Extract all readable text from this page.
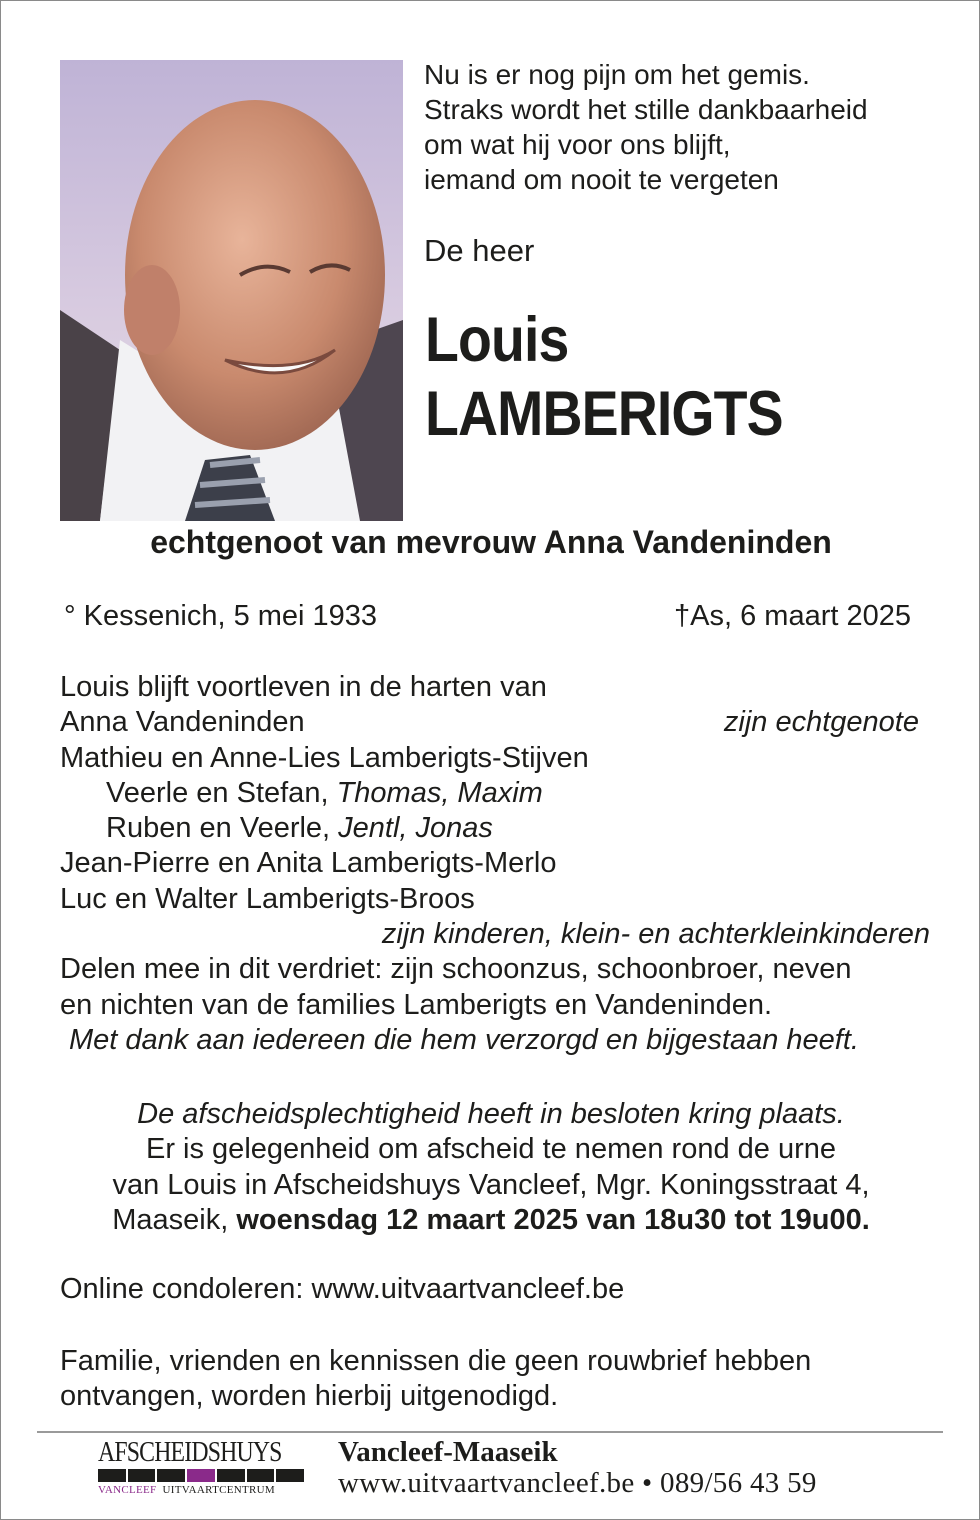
Nu is er nog pijn om het gemis.
Straks wordt het stille dankbaarheid
om wat hij voor ons blijft,
iemand om nooit te vergeten
De heer
Louis
LAMBERIGTS
echtgenoot van mevrouw Anna Vandeninden
° Kessenich, 5 mei 1933	†As, 6 maart 2025
Louis blijft voortleven in de harten van
Anna Vandeninden	zijn echtgenote
Mathieu en Anne-Lies Lamberigts-Stijven
Veerle en Stefan, Thomas, Maxim
Ruben en Veerle, Jentl, Jonas
Jean-Pierre en Anita Lamberigts-Merlo
Luc en Walter Lamberigts-Broos
zijn kinderen, klein- en achterkleinkinderen
Delen mee in dit verdriet: zijn schoonzus, schoonbroer, neven
en nichten van de families Lamberigts en Vandeninden.
Met dank aan iedereen die hem verzorgd en bijgestaan heeft.
De afscheidsplechtigheid heeft in besloten kring plaats.
Er is gelegenheid om afscheid te nemen rond de urne
van Louis in Afscheidshuys Vancleef, Mgr. Koningsstraat 4,
Maaseik, woensdag 12 maart 2025 van 18u30 tot 19u00.
Online condoleren: www.uitvaartvancleef.be
Familie, vrienden en kennissen die geen rouwbrief hebben
ontvangen, worden hierbij uitgenodigd.
AFSCHEIDSHUYS
VANCLEEF UITVAARTCENTRUM
Vancleef-Maaseik
www.uitvaartvancleef.be • 089/56 43 59
